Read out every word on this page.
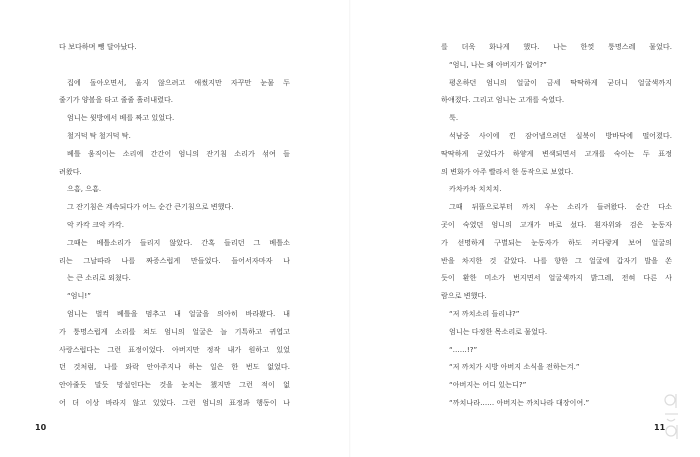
다 보다하며 뺑 달아났다.
집에 돌아오면서, 울지 않으려고 애썼지만 자꾸만 눈물 두
줄기가 양볼을 타고 줄줄 흘러내렸다.
엄니는 윗방에서 베를 짜고 있었다.
철거덕 탁 철거덕 탁.
베틀 움직이는 소리에 간간이 엄니의 잔기침 소리가 섞여 들
려왔다.
으흠, 으흠.
그 잔기침은 계속되다가 어느 순간 큰기침으로 변했다.
악 카칵 크악 카칵.
그때는 베틀소리가 들리지 않았다. 간혹 들리던 그 베틀소
리는 그날따라 나를 짜증스럽게 만들었다. 들어서자마자 나
는 큰 소리로 외쳤다.
“엄니!”
엄니는 벌컥 베틀을 멈추고 내 얼굴을 의아히 바라봤다. 내
가 퉁명스럽게 소리를 쳐도 엄니의 얼굴은 늘 기특하고 귀엽고
사랑스럽다는 그런 표정이었다. 아버지만 정작 내가 원하고 있었
던 것처럼, 나를 와락 안아주지나 하는 일은 한 번도 없었다.
안아줄듯 말듯 망설인다는 것을 눈치는 챘지만 그런 적이 없
어 더 이상 바라지 않고 있었다. 그런 엄니의 표정과 행동이 나
를 더욱 화나게 했다. 나는 한껏 퉁명스레 물었다.
“엄니, 나는 왜 아버지가 없어?”
평온하던 엄니의 얼굴이 금세 딱딱하게 굳더니 얼굴색까지
하얘졌다. 그리고 엄니는 고개를 숙였다.
툭.
석남중 사이에 낀 잠어낼으려던 실북이 방바닥에 떨어졌다.
딱딱하게 굳었다가 하얗게 변색되면서 고개를 숙이는 두 표정
의 변화가 아주 빨라서 한 동작으로 보였다.
카차카차 치치치.
그때 뒤뜰으로부터 까치 우는 소리가 들려왔다. 순간 다소
곳이 숙였던 엄니의 고개가 바로 섰다. 흰자위와 검은 눈동자
가 선명하게 구별되는 눈동자가 하도 커다랗게 보여 얼굴의
반을 차지한 것 같았다. 나를 향한 그 얼굴에 갑자기 발을 쏜
듯이 환한 미소가 번지면서 얼굴색까지 밝그레, 전혀 다른 사
람으로 변했다.
“저 까치소리 들리냐?”
엄니는 다정한 목소리로 물었다.
“……!?”
“저 까치가 시방 아버지 소식을 전하는겨.”
“아버지는 어디 있는디?”
“까치나라…… 아버지는 까치나라 대장이여.”
10	11
